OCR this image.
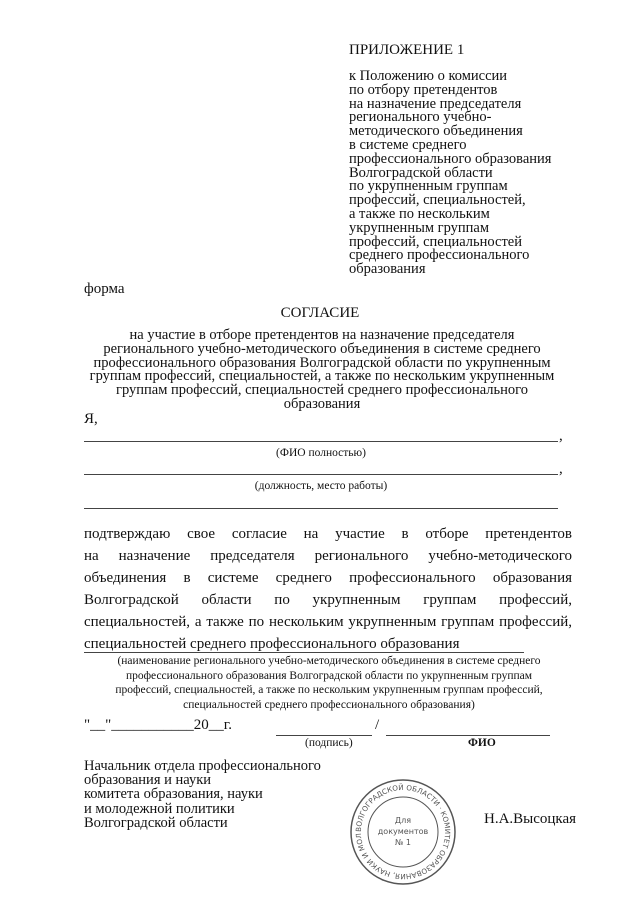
ПРИЛОЖЕНИЕ 1
к Положению о комиссии
по отбору претендентов
на назначение председателя
регионального учебно-
методического объединения
в системе среднего
профессионального образования
Волгоградской области
по укрупненным группам
профессий, специальностей,
а также по нескольким
укрупненным группам
профессий, специальностей
среднего профессионального
образования
форма
СОГЛАСИЕ
на участие в отборе претендентов на назначение председателя
регионального учебно-методического объединения в системе среднего
профессионального образования Волгоградской области по укрупненным
группам профессий, специальностей, а также по нескольким укрупненным
группам профессий, специальностей среднего профессионального
образования
Я,
,
(ФИО полностью)
,
(должность, место работы)
подтверждаю свое согласие на участие в отборе претендентов
на назначение председателя регионального учебно-методического
объединения в системе среднего профессионального образования
Волгоградской области по укрупненным группам профессий,
специальностей, а также по нескольким укрупненным группам профессий,
специальностей среднего профессионального образования
(наименование регионального учебно-методического объединения в системе среднего
профессионального образования Волгоградской области по укрупненным группам
профессий, специальностей, а также по нескольким укрупненным группам профессий,
специальностей среднего профессионального образования)
"__"___________20__г.	/
(подпись)	ФИО
Начальник отдела профессионального
образования и науки
комитета образования, науки
и молодежной политики
Волгоградской области	Н.А.Высоцкая
ВОЛГОГРАДСКОЙ ОБЛАСТИ · КОМИТЕТ ОБРАЗОВАНИЯ, НАУКИ И МОЛ
Для
документов
№ 1
